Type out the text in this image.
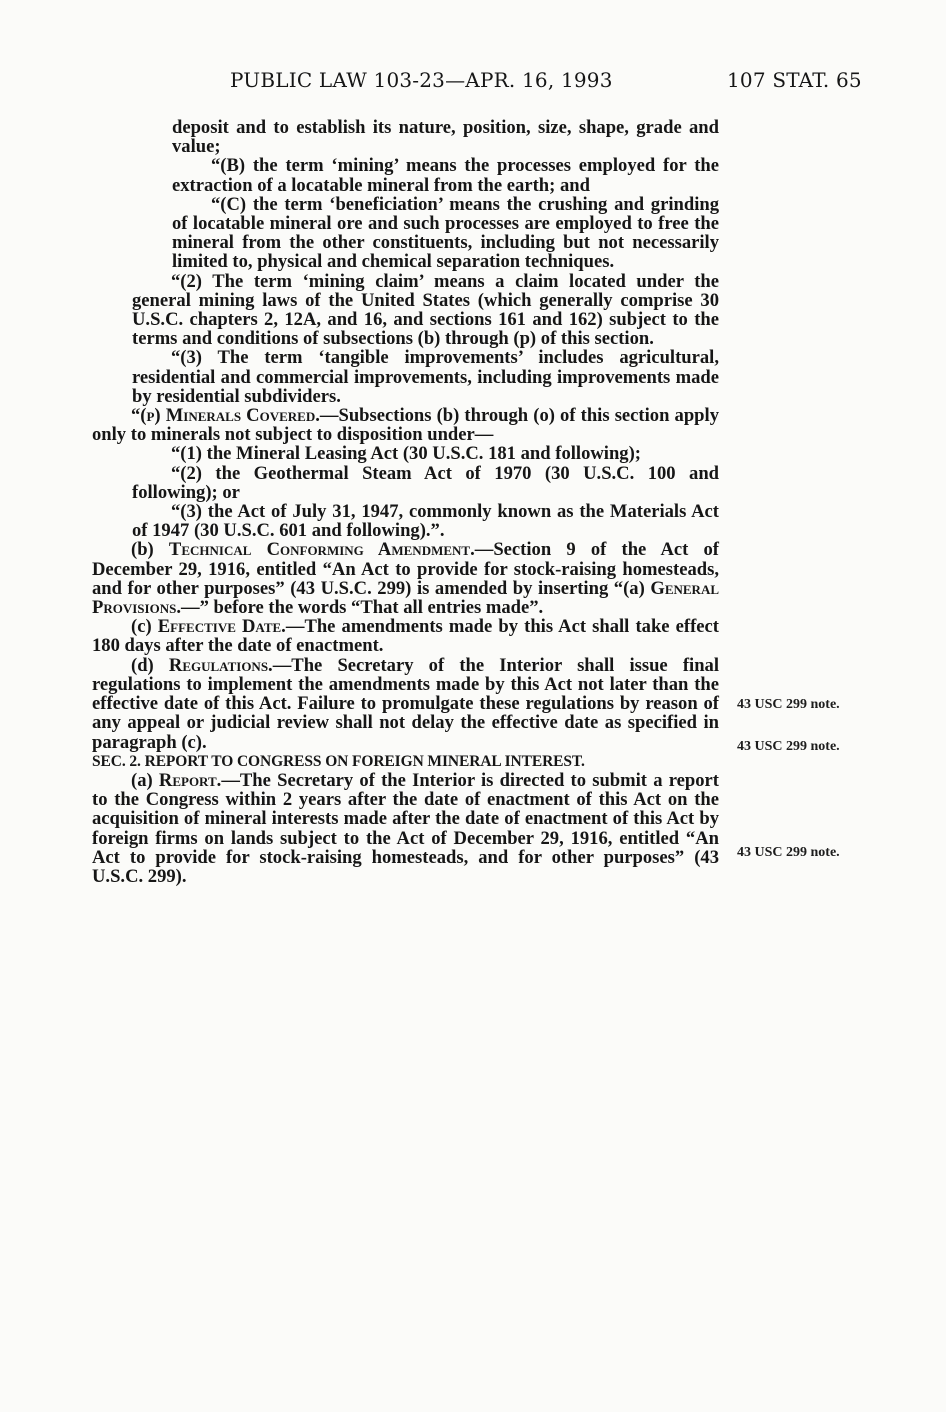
PUBLIC LAW 103-23—APR. 16, 1993	107 STAT. 65

deposit and to establish its nature, position, size, shape, grade and value;

“(B) the term ‘mining’ means the processes employed for the extraction of a locatable mineral from the earth; and

“(C) the term ‘beneficiation’ means the crushing and grinding of locatable mineral ore and such processes are employed to free the mineral from the other constituents, including but not necessarily limited to, physical and chemical separation techniques.

“(2) The term ‘mining claim’ means a claim located under the general mining laws of the United States (which generally comprise 30 U.S.C. chapters 2, 12A, and 16, and sections 161 and 162) subject to the terms and conditions of subsections (b) through (p) of this section.

“(3) The term ‘tangible improvements’ includes agricultural, residential and commercial improvements, including improvements made by residential subdividers.

“(p) Minerals Covered.—Subsections (b) through (o) of this section apply only to minerals not subject to disposition under—

“(1) the Mineral Leasing Act (30 U.S.C. 181 and following);

“(2) the Geothermal Steam Act of 1970 (30 U.S.C. 100 and following); or

“(3) the Act of July 31, 1947, commonly known as the Materials Act of 1947 (30 U.S.C. 601 and following).”.

(b) Technical Conforming Amendment.—Section 9 of the Act of December 29, 1916, entitled “An Act to provide for stock-raising homesteads, and for other purposes” (43 U.S.C. 299) is amended by inserting “(a) General Provisions.—” before the words “That all entries made”.

(c) Effective Date.—The amendments made by this Act shall take effect 180 days after the date of enactment.

(d) Regulations.—The Secretary of the Interior shall issue final regulations to implement the amendments made by this Act not later than the effective date of this Act. Failure to promulgate these regulations by reason of any appeal or judicial review shall not delay the effective date as specified in paragraph (c).

SEC. 2. REPORT TO CONGRESS ON FOREIGN MINERAL INTEREST.

(a) Report.—The Secretary of the Interior is directed to submit a report to the Congress within 2 years after the date of enactment of this Act on the acquisition of mineral interests made after the date of enactment of this Act by foreign firms on lands subject to the Act of December 29, 1916, entitled “An Act to provide for stock-raising homesteads, and for other purposes” (43 U.S.C. 299).

43 USC 299 note.
43 USC 299 note.
43 USC 299 note.
